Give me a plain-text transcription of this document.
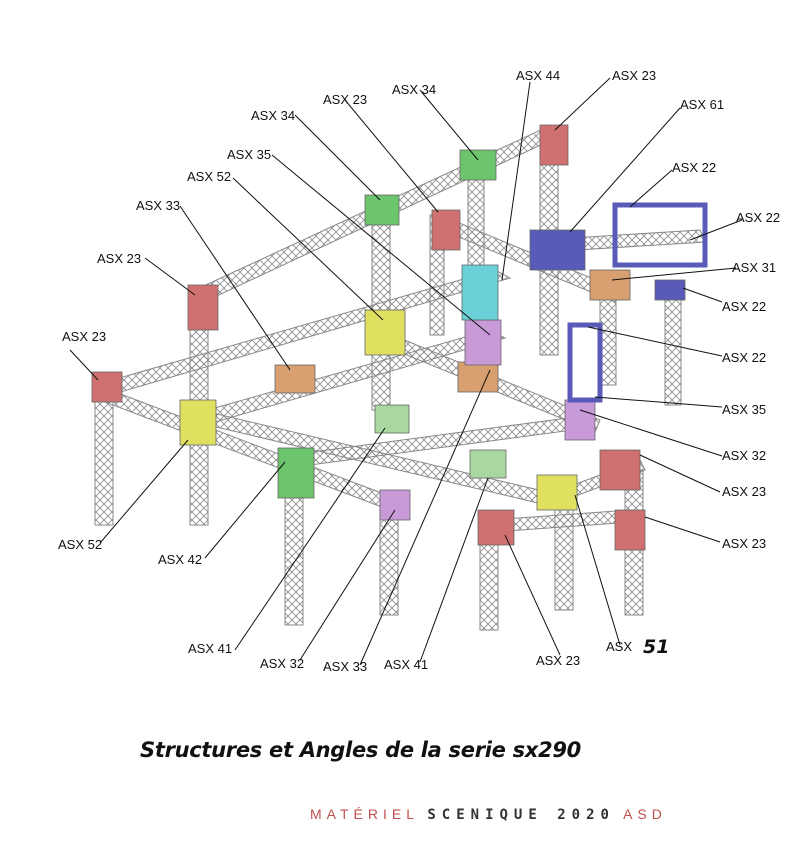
ASX 23
ASX 34
ASX 44	ASX 23
ASX 34
ASX 61
ASX 35
ASX 52
ASX 22
ASX 33
ASX 22
ASX 23
ASX 31
ASX 22
ASX 23
ASX 22
ASX 35
ASX 32
ASX 23
ASX 52	ASX 23
ASX 42
ASX 41
ASX 32 ASX 33 ASX 41	ASX 23
ASX 51
Structures et Angles de la serie sx290
MATÉRIEL SCENIQUE 2020 ASD
